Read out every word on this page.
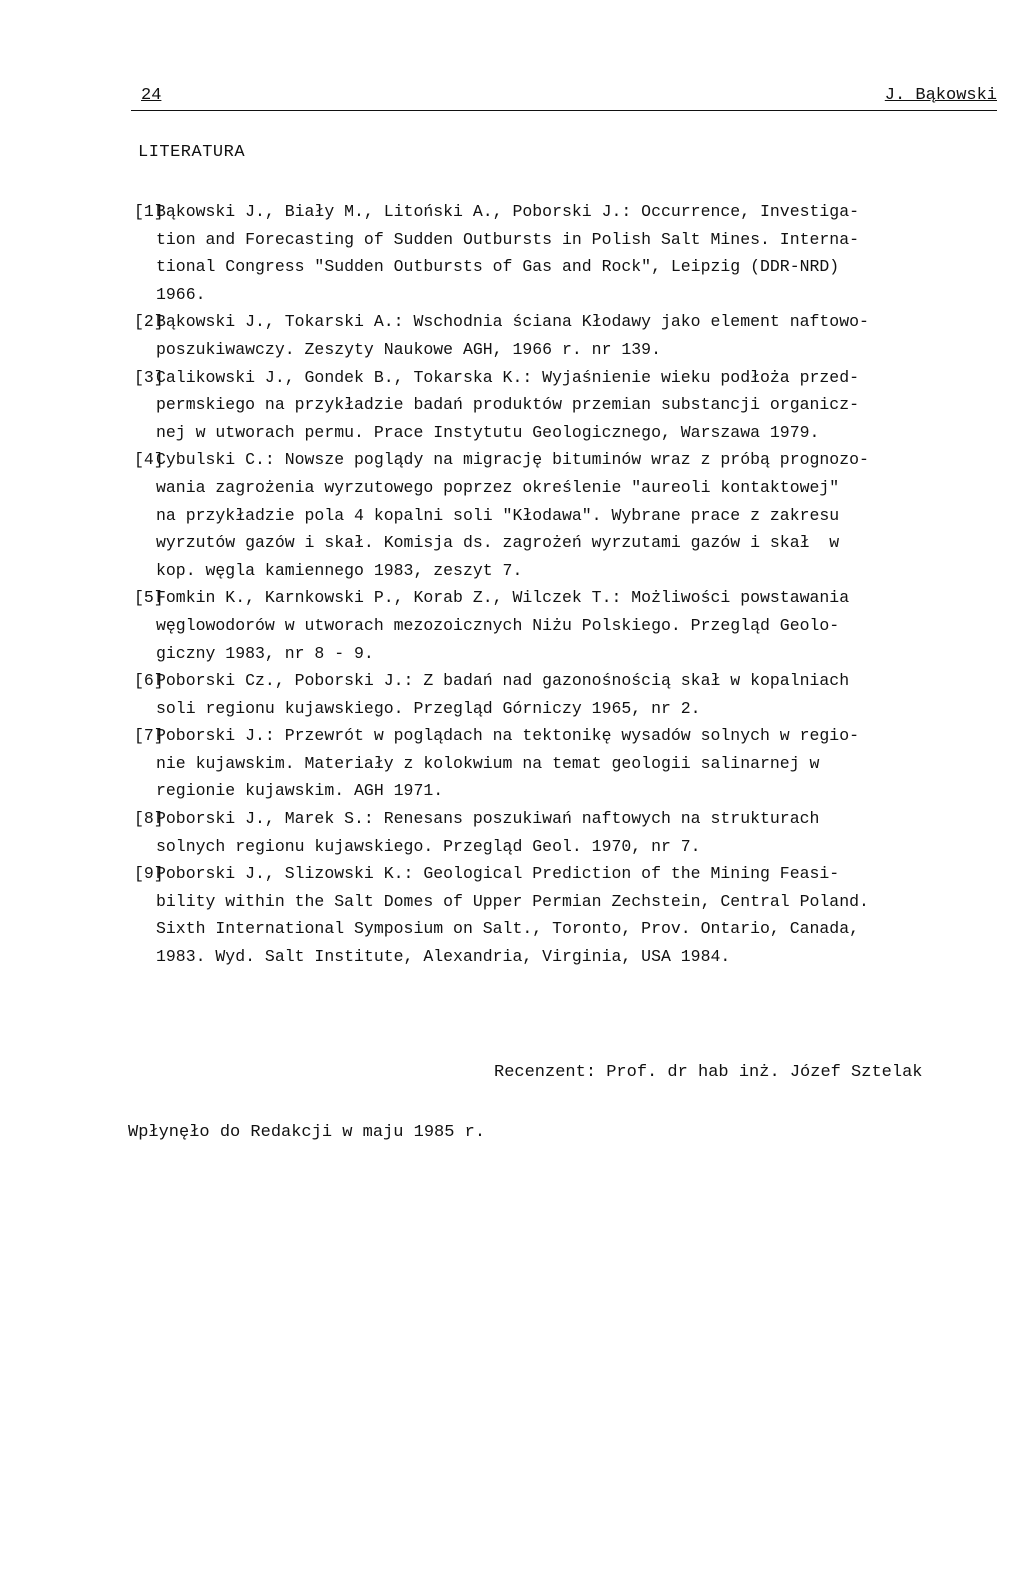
24	J. Bąkowski
LITERATURA
[1]
Bąkowski J., Biały M., Litoński A., Poborski J.: Occurrence, Investiga-
tion and Forecasting of Sudden Outbursts in Polish Salt Mines. Interna-
tional Congress "Sudden Outbursts of Gas and Rock", Leipzig (DDR-NRD)
1966.
[2]
Bąkowski J., Tokarski A.: Wschodnia ściana Kłodawy jako element naftowo-
poszukiwawczy. Zeszyty Naukowe AGH, 1966 r. nr 139.
[3]
Calikowski J., Gondek B., Tokarska K.: Wyjaśnienie wieku podłoża przed-
permskiego na przykładzie badań produktów przemian substancji organicz-
nej w utworach permu. Prace Instytutu Geologicznego, Warszawa 1979.
[4]
Cybulski C.: Nowsze poglądy na migrację bituminów wraz z próbą prognozo-
wania zagrożenia wyrzutowego poprzez określenie "aureoli kontaktowej"
na przykładzie pola 4 kopalni soli "Kłodawa". Wybrane prace z zakresu
wyrzutów gazów i skał. Komisja ds. zagrożeń wyrzutami gazów i skał  w
kop. węgla kamiennego 1983, zeszyt 7.
[5]
Fomkin K., Karnkowski P., Korab Z., Wilczek T.: Możliwości powstawania
węglowodorów w utworach mezozoicznych Niżu Polskiego. Przegląd Geolo-
giczny 1983, nr 8 - 9.
[6]
Poborski Cz., Poborski J.: Z badań nad gazonośnością skał w kopalniach
soli regionu kujawskiego. Przegląd Górniczy 1965, nr 2.
[7]
Poborski J.: Przewrót w poglądach na tektonikę wysadów solnych w regio-
nie kujawskim. Materiały z kolokwium na temat geologii salinarnej w
regionie kujawskim. AGH 1971.
[8]
Poborski J., Marek S.: Renesans poszukiwań naftowych na strukturach
solnych regionu kujawskiego. Przegląd Geol. 1970, nr 7.
[9]
Poborski J., Slizowski K.: Geological Prediction of the Mining Feasi-
bility within the Salt Domes of Upper Permian Zechstein, Central Poland.
Sixth International Symposium on Salt., Toronto, Prov. Ontario, Canada,
1983. Wyd. Salt Institute, Alexandria, Virginia, USA 1984.
Recenzent: Prof. dr hab inż. Józef Sztelak
Wpłynęło do Redakcji w maju 1985 r.
